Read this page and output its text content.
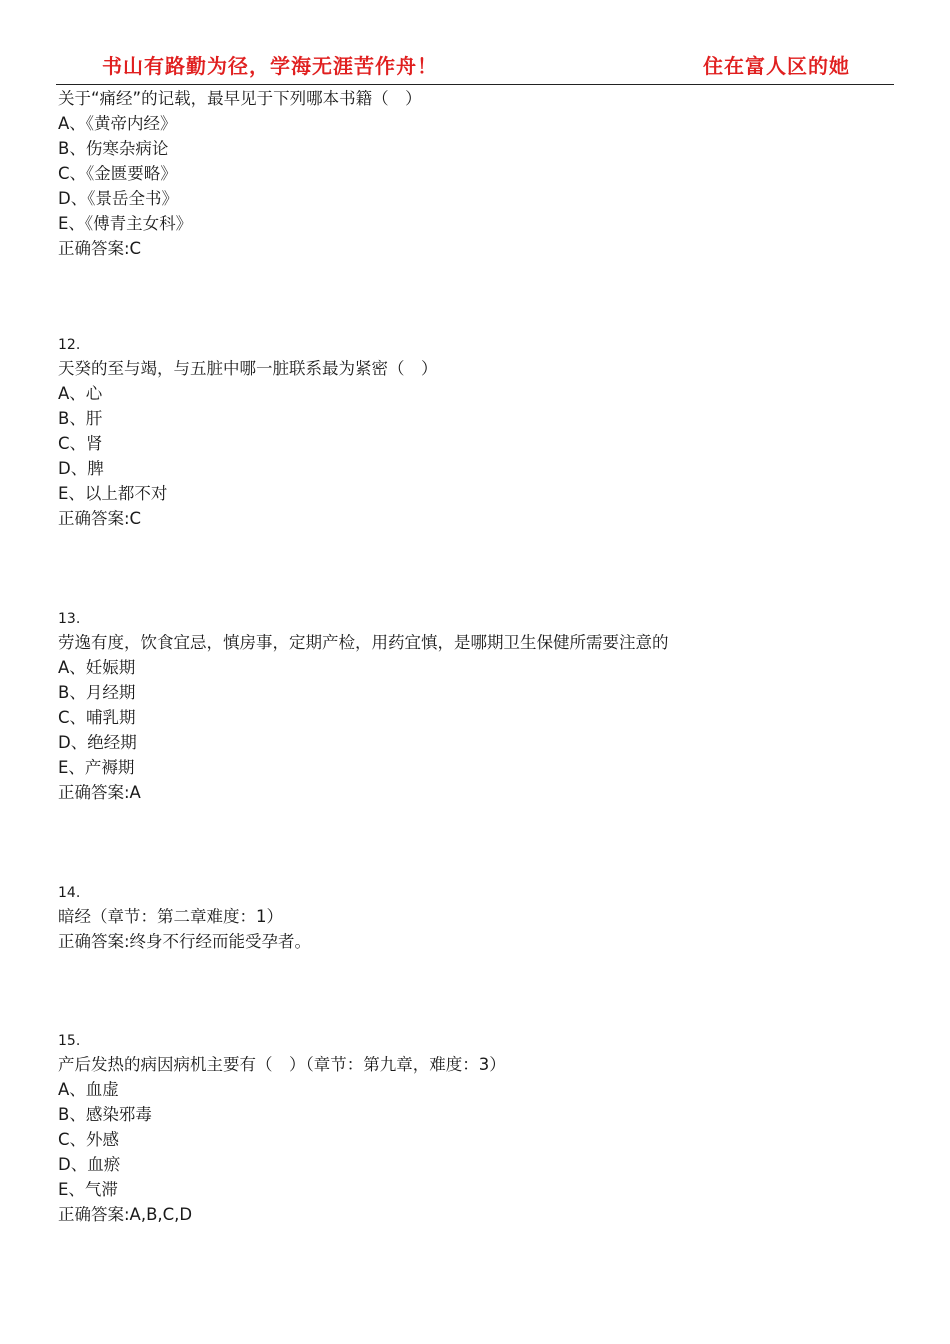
书山有路勤为径，学海无涯苦作舟！	住在富人区的她
关于“痛经”的记载，最早见于下列哪本书籍（　）
A、《黄帝内经》
B、伤寒杂病论
C、《金匮要略》
D、《景岳全书》
E、《傅青主女科》
正确答案:C
12.
天癸的至与竭，与五脏中哪一脏联系最为紧密（　）
A、心
B、肝
C、肾
D、脾
E、以上都不对
正确答案:C
13.
劳逸有度，饮食宜忌，慎房事，定期产检，用药宜慎，是哪期卫生保健所需要注意的
A、妊娠期
B、月经期
C、哺乳期
D、绝经期
E、产褥期
正确答案:A
14.
暗经（章节：第二章难度：1）
正确答案:终身不行经而能受孕者。
15.
产后发热的病因病机主要有（　）（章节：第九章，难度：3）
A、血虚
B、感染邪毒
C、外感
D、血瘀
E、气滞
正确答案:A,B,C,D
